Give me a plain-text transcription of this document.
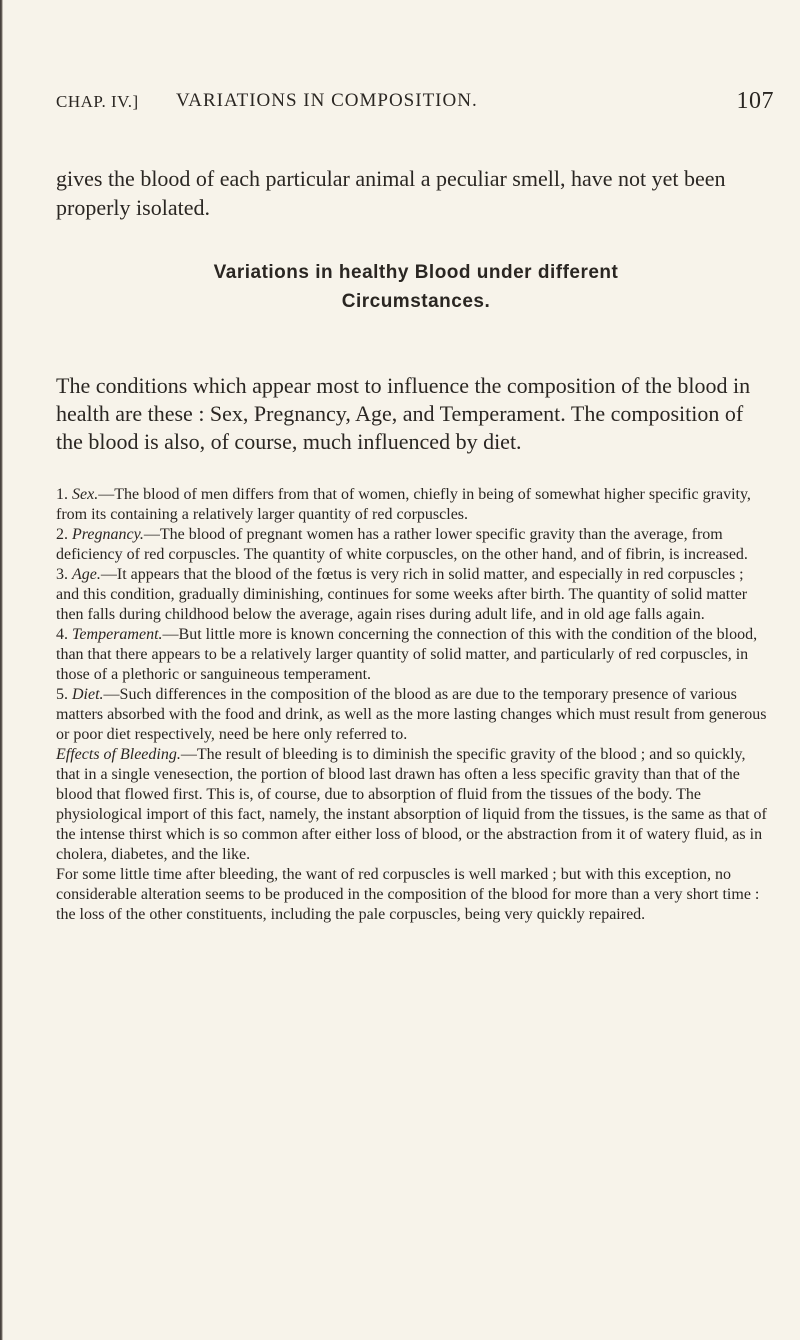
CHAP. IV.] VARIATIONS IN COMPOSITION.	107

gives the blood of each particular animal a peculiar smell, have not yet been properly isolated.

Variations in healthy Blood under different
Circumstances.

The conditions which appear most to influence the composition of the blood in health are these : Sex, Pregnancy, Age, and Temperament. The composition of the blood is also, of course, much influenced by diet.

1. Sex.—The blood of men differs from that of women, chiefly in being of somewhat higher specific gravity, from its containing a relatively larger quantity of red corpuscles.

2. Pregnancy.—The blood of pregnant women has a rather lower specific gravity than the average, from deficiency of red corpuscles. The quantity of white corpuscles, on the other hand, and of fibrin, is increased.

3. Age.—It appears that the blood of the fœtus is very rich in solid matter, and especially in red corpuscles ; and this condition, gradually diminishing, continues for some weeks after birth. The quantity of solid matter then falls during childhood below the average, again rises during adult life, and in old age falls again.

4. Temperament.—But little more is known concerning the connection of this with the condition of the blood, than that there appears to be a relatively larger quantity of solid matter, and particularly of red corpuscles, in those of a plethoric or sanguineous temperament.

5. Diet.—Such differences in the composition of the blood as are due to the temporary presence of various matters absorbed with the food and drink, as well as the more lasting changes which must result from generous or poor diet respectively, need be here only referred to.

Effects of Bleeding.—The result of bleeding is to diminish the specific gravity of the blood ; and so quickly, that in a single venesection, the portion of blood last drawn has often a less specific gravity than that of the blood that flowed first. This is, of course, due to absorption of fluid from the tissues of the body. The physiological import of this fact, namely, the instant absorption of liquid from the tissues, is the same as that of the intense thirst which is so common after either loss of blood, or the abstraction from it of watery fluid, as in cholera, diabetes, and the like.

For some little time after bleeding, the want of red corpuscles is well marked ; but with this exception, no considerable alteration seems to be produced in the composition of the blood for more than a very short time : the loss of the other constituents, including the pale corpuscles, being very quickly repaired.
